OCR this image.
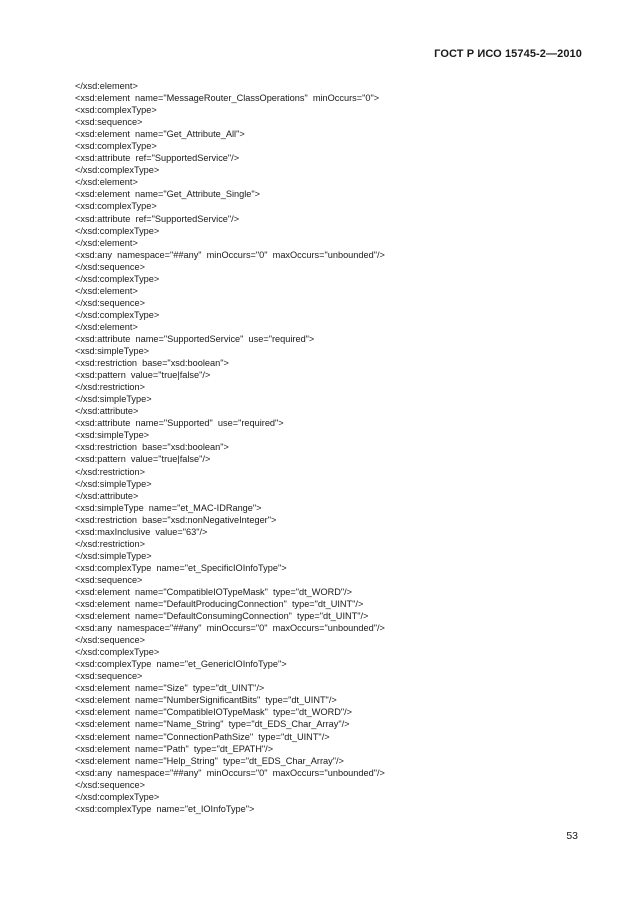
ГОСТ Р ИСО 15745-2—2010
</xsd:element>
<xsd:element  name="MessageRouter_ClassOperations"  minOccurs="0">
<xsd:complexType>
<xsd:sequence>
<xsd:element  name="Get_Attribute_All">
<xsd:complexType>
<xsd:attribute  ref="SupportedService"/>
</xsd:complexType>
</xsd:element>
<xsd:element  name="Get_Attribute_Single">
<xsd:complexType>
<xsd:attribute  ref="SupportedService"/>
</xsd:complexType>
</xsd:element>
<xsd:any  namespace="##any"  minOccurs="0"  maxOccurs="unbounded"/>
</xsd:sequence>
</xsd:complexType>
</xsd:element>
</xsd:sequence>
</xsd:complexType>
</xsd:element>
<xsd:attribute  name="SupportedService"  use="required">
<xsd:simpleType>
<xsd:restriction  base="xsd:boolean">
<xsd:pattern  value="true|false"/>
</xsd:restriction>
</xsd:simpleType>
</xsd:attribute>
<xsd:attribute  name="Supported"  use="required">
<xsd:simpleType>
<xsd:restriction  base="xsd:boolean">
<xsd:pattern  value="true|false"/>
</xsd:restriction>
</xsd:simpleType>
</xsd:attribute>
<xsd:simpleType  name="et_MAC-IDRange">
<xsd:restriction  base="xsd:nonNegativeInteger">
<xsd:maxInclusive  value="63"/>
</xsd:restriction>
</xsd:simpleType>
<xsd:complexType  name="et_SpecificIOInfoType">
<xsd:sequence>
<xsd:element  name="CompatibleIOTypeMask"  type="dt_WORD"/>
<xsd:element  name="DefaultProducingConnection"  type="dt_UINT"/>
<xsd:element  name="DefaultConsumingConnection"  type="dt_UINT"/>
<xsd:any  namespace="##any"  minOccurs="0"  maxOccurs="unbounded"/>
</xsd:sequence>
</xsd:complexType>
<xsd:complexType  name="et_GenericIOInfoType">
<xsd:sequence>
<xsd:element  name="Size"  type="dt_UINT"/>
<xsd:element  name="NumberSignificantBits"  type="dt_UINT"/>
<xsd:element  name="CompatibleIOTypeMask"  type="dt_WORD"/>
<xsd:element  name="Name_String"  type="dt_EDS_Char_Array"/>
<xsd:element  name="ConnectionPathSize"  type="dt_UINT"/>
<xsd:element  name="Path"  type="dt_EPATH"/>
<xsd:element  name="Help_String"  type="dt_EDS_Char_Array"/>
<xsd:any  namespace="##any"  minOccurs="0"  maxOccurs="unbounded"/>
</xsd:sequence>
</xsd:complexType>
<xsd:complexType  name="et_IOInfoType">
53
